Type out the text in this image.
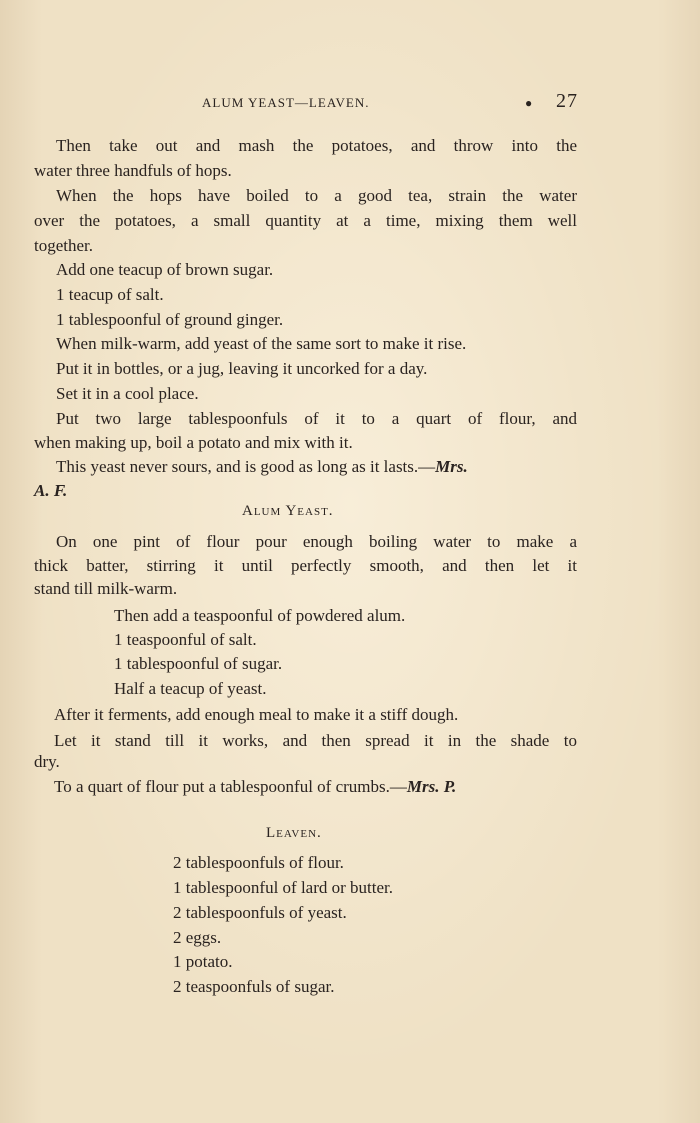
ALUM YEAST—LEAVEN.	● 27
Then take out and mash the potatoes, and throw into the
water three handfuls of hops.
When the hops have boiled to a good tea, strain the water
over the potatoes, a small quantity at a time, mixing them well
together.
Add one teacup of brown sugar.
1 teacup of salt.
1 tablespoonful of ground ginger.
When milk-warm, add yeast of the same sort to make it rise.
Put it in bottles, or a jug, leaving it uncorked for a day.
Set it in a cool place.
Put two large tablespoonfuls of it to a quart of flour, and
when making up, boil a potato and mix with it.
This yeast never sours, and is good as long as it lasts.—Mrs.
A. F.
Alum Yeast.
On one pint of flour pour enough boiling water to make a
thick batter, stirring it until perfectly smooth, and then let it
stand till milk-warm.
Then add a teaspoonful of powdered alum.
1 teaspoonful of salt.
1 tablespoonful of sugar.
Half a teacup of yeast.
After it ferments, add enough meal to make it a stiff dough.
Let it stand till it works, and then spread it in the shade to
dry.
To a quart of flour put a tablespoonful of crumbs.—Mrs. P.
Leaven.
2 tablespoonfuls of flour.
1 tablespoonful of lard or butter.
2 tablespoonfuls of yeast.
2 eggs.
1 potato.
2 teaspoonfuls of sugar.
